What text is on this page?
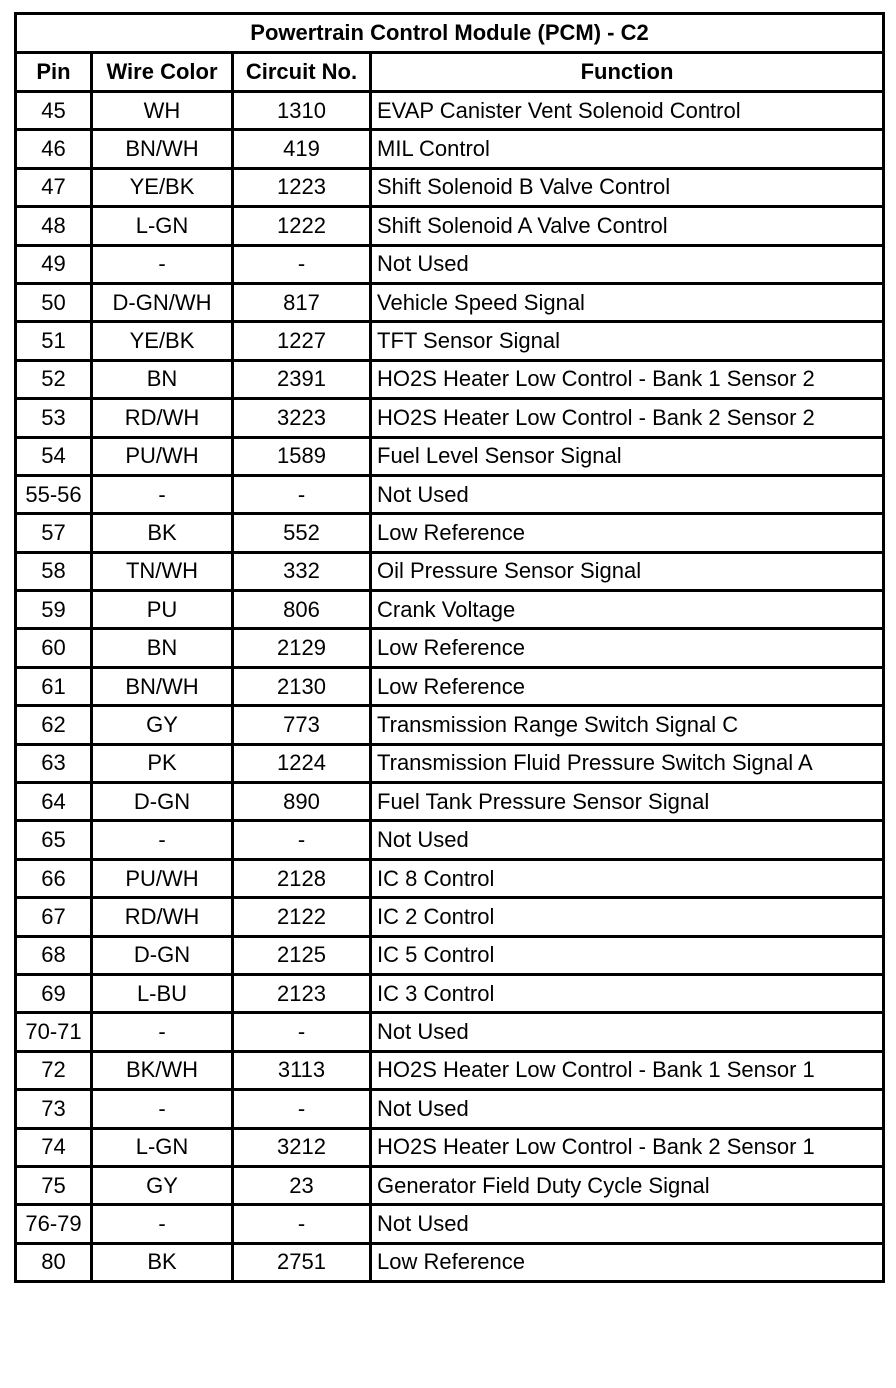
Powertrain Control Module (PCM) - C2			
Pin	Wire Color	Circuit No.	Function
45	WH	1310	EVAP Canister Vent Solenoid Control
46	BN/WH	419	MIL Control
47	YE/BK	1223	Shift Solenoid B Valve Control
48	L-GN	1222	Shift Solenoid A Valve Control
49	-	-	Not Used
50	D-GN/WH	817	Vehicle Speed Signal
51	YE/BK	1227	TFT Sensor Signal
52	BN	2391	HO2S Heater Low Control - Bank 1 Sensor 2
53	RD/WH	3223	HO2S Heater Low Control - Bank 2 Sensor 2
54	PU/WH	1589	Fuel Level Sensor Signal
55-56	-	-	Not Used
57	BK	552	Low Reference
58	TN/WH	332	Oil Pressure Sensor Signal
59	PU	806	Crank Voltage
60	BN	2129	Low Reference
61	BN/WH	2130	Low Reference
62	GY	773	Transmission Range Switch Signal C
63	PK	1224	Transmission Fluid Pressure Switch Signal A
64	D-GN	890	Fuel Tank Pressure Sensor Signal
65	-	-	Not Used
66	PU/WH	2128	IC 8 Control
67	RD/WH	2122	IC 2 Control
68	D-GN	2125	IC 5 Control
69	L-BU	2123	IC 3 Control
70-71	-	-	Not Used
72	BK/WH	3113	HO2S Heater Low Control - Bank 1 Sensor 1
73	-	-	Not Used
74	L-GN	3212	HO2S Heater Low Control - Bank 2 Sensor 1
75	GY	23	Generator Field Duty Cycle Signal
76-79	-	-	Not Used
80	BK	2751	Low Reference
